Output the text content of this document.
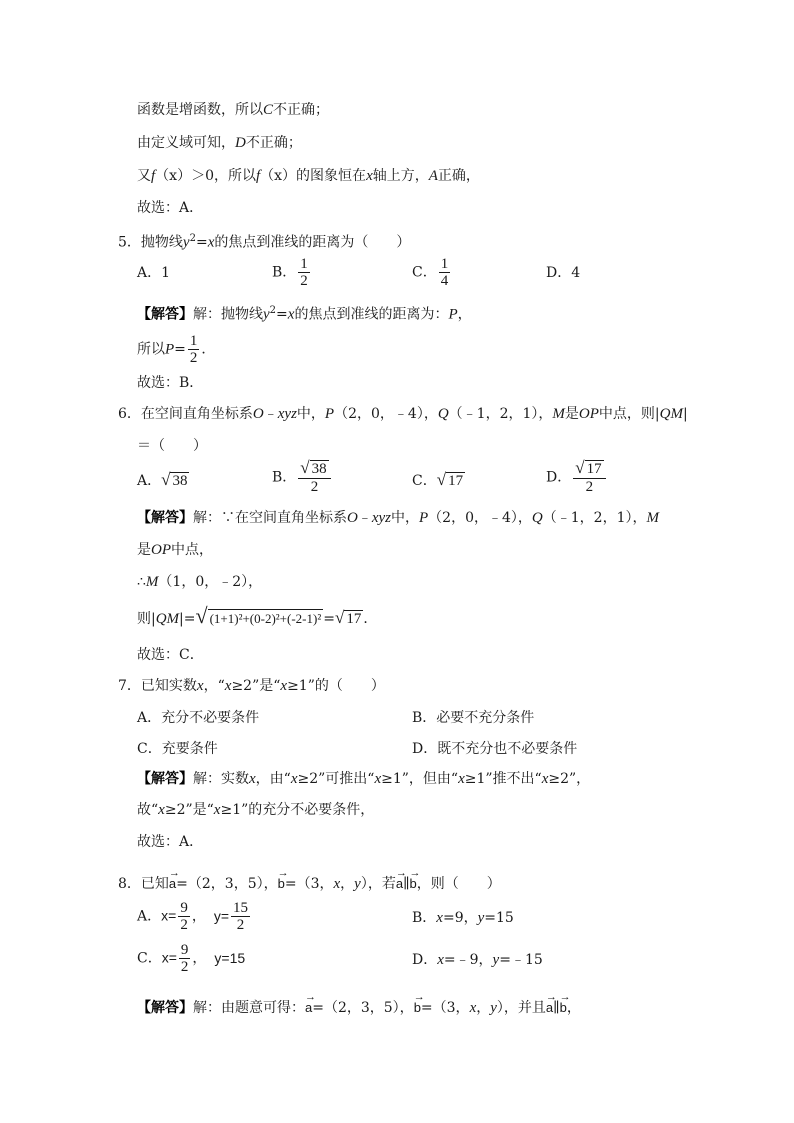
函数是增函数，所以C不正确；
由定义域可知，D不正确；
又f（x）＞0，所以f（x）的图象恒在x轴上方，A正确，
故选：A．
5．抛物线$y^2=x$的焦点到准线的距离为（　　）
A．1	B． $\frac{1}{2}$	C． $\frac{1}{4}$	D．4
【解答】解：抛物线$y^2=x$的焦点到准线的距离为：P，
所以$P= \frac{1}{2}$ ．
故选：B．
6．在空间直角坐标系O﹣xyz中，P（2，0，﹣4），Q（﹣1，2，1），M是OP中点，则|QM|
＝（　　）
A．√ 38	B． $\frac{√ 38}{2}$	C．√ 17	D． $\frac{√ 17}{2}$
【解答】解：∵在空间直角坐标系O﹣xyz中，P（2，0，﹣4），Q（﹣1，2，1），M
是OP中点，
∴M（1，0，﹣2），
则|QM|=√ (1+1)²+(0-2)²+(-2-1)² =√ 17 ．
故选：C．
7．已知实数x，“x≥2”是“x≥1”的（　　）
A．充分不必要条件	B．必要不充分条件
C．充要条件	D．既不充分也不必要条件
【解答】解：实数x，由“x≥2”可推出“x≥1”，但由“x≥1”推不出“x≥2”，
故“x≥2”是“x≥1”的充分不必要条件，
故选：A．
8．已知→ a=（2，3，5），→ b=（3，x，y），若→ a∥→ b，则（　　）
A．$x= \frac{9}{2}$ ， $y= \frac{15}{2}$	B．x=9，y=15
C．$x= \frac{9}{2}$ ， y=15	D．x=﹣9，y=﹣15
【解答】解：由题意可得：→ a=（2，3，5），→ b=（3，x，y），并且→ a∥→ b，
